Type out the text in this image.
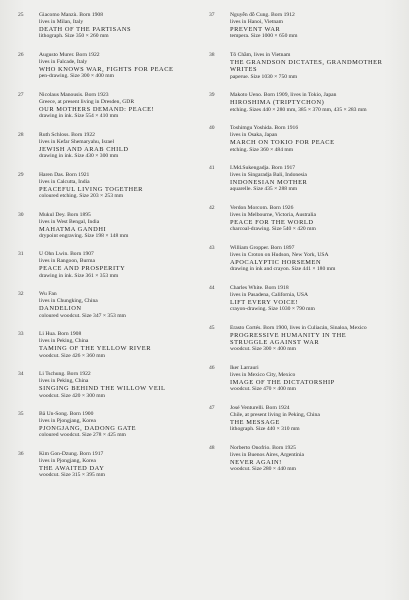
25	Giacomo Manzù. Born 1908
lives in Milan, Italy
DEATH OF THE PARTISANS
lithograph. Size 350 × 260 mm
26	Augusto Murer. Born 1922
lives in Falcade, Italy
WHO KNOWS WAR, FIGHTS FOR PEACE
pen-drawing. Size 300 × 400 mm
27	Nicolaus Manousis. Born 1923
Greece, at present living in Dresden, GDR
OUR MOTHERS DEMAND: PEACE!
drawing in ink. Size 554 × 410 mm
28	Ruth Schloss. Born 1922
lives in Kefar Shemaryahu, Israel
JEWISH AND ARAB CHILD
drawing in ink. Size 430 × 300 mm
29	Haren Das. Born 1921
lives in Calcutta, India
PEACEFUL LIVING TOGETHER
coloured etching. Size 203 × 253 mm
30	Mukul Dey. Born 1895
lives in West Bengal, India
MAHATMA GANDHI
drypoint engraving. Size 198 × 148 mm
31	U Ohn Lwin. Born 1907
lives in Rangoon, Burma
PEACE AND PROSPERITY
drawing in ink. Size 361 × 353 mm
32	Wu Fan
lives in Chungking, China
DANDELION
coloured woodcut. Size 347 × 353 mm
33	Li Hua. Born 1908
lives in Peking, China
TAMING OF THE YELLOW RIVER
woodcut. Size 426 × 360 mm
34	Li Tschung. Born 1922
lives in Peking, China
SINGING BEHIND THE WILLOW VEIL
woodcut. Size 420 × 300 mm
35	Bä Un-Song. Born 1900
lives in Pjongjang, Korea
PJONGJANG, DADONG GATE
coloured woodcut. Size 278 × 425 mm
36	Kim Gon-Dzung. Born 1917
lives in Pjongjang, Korea
THE AWAITED DAY
woodcut. Size 315 × 395 mm
37	Nguyễn đỗ Cung. Born 1912
lives in Hanoi, Vietnam
PREVENT WAR
tempera. Size 1000 × 650 mm
38	Tô Chầm, lives in Vietnam
THE GRANDSON DICTATES, GRANDMOTHER WRITES
paperue. Size 1030 × 750 mm
39	Makoto Ueno. Born 1909, lives in Tokio, Japan
HIROSHIMA (TRIPTYCHON)
etching. Sizes 440 × 280 mm, 385 × 370 mm, 435 × 283 mm
40	Toshimgu Yoshida. Born 1916
lives in Osaka, Japan
MARCH ON TOKIO FOR PEACE
etching. Size 360 × 484 mm
41	I.Md.Sukengadja. Born 1917
lives in Singaradja Bali, Indonesia
INDONESIAN MOTHER
aquarelle. Size 435 × 288 mm
42	Verdon Morcom. Born 1926
lives in Melbourne, Victoria, Australia
PEACE FOR THE WORLD
charcoal-drawing. Size 540 × 420 mm
43	William Gropper. Born 1897
lives in Croton on Hudson, New York, USA
APOCALYPTIC HORSEMEN
drawing in ink and crayon. Size 441 × 180 mm
44	Charles White. Born 1918
lives in Pasadena, California, USA
LIFT EVERY VOICE!
crayon-drawing. Size 1030 × 790 mm
45	Erasto Cortés. Born 1900, lives in Culiacán, Sinaloa, Mexico
PROGRESSIVE HUMANITY IN THE STRUGGLE AGAINST WAR
woodcut. Size 300 × 400 mm
46	Iker Larrauri
lives in Mexico City, Mexico
IMAGE OF THE DICTATORSHIP
woodcut. Size 470 × 400 mm
47	José Venturelli. Born 1924
Chile, at present living in Peking, China
THE MESSAGE
lithograph. Size 440 × 310 mm
48	Norberto Onofrio. Born 1925
lives in Buenos Aires, Argentinia
NEVER AGAIN!
woodcut. Size 280 × 440 mm
